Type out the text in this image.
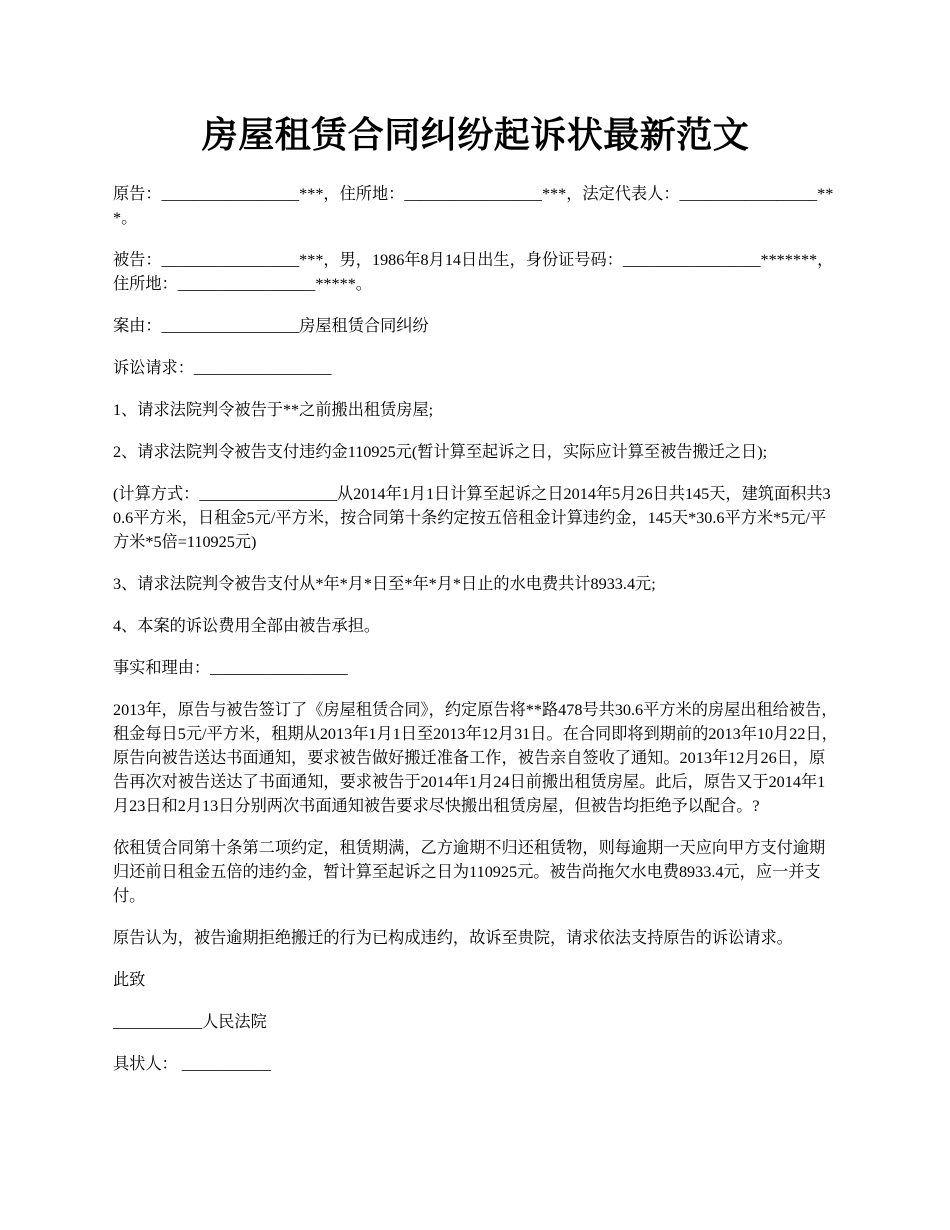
房屋租赁合同纠纷起诉状最新范文

原告：_________________***，住所地：_________________***，法定代表人：_________________***。

被告：_________________***，男，1986年8月14日出生，身份证号码：_________________*******，住所地：_________________*****。

案由：_________________房屋租赁合同纠纷

诉讼请求：_________________

1、请求法院判令被告于**之前搬出租赁房屋;

2、请求法院判令被告支付违约金110925元(暂计算至起诉之日，实际应计算至被告搬迁之日);

(计算方式：_________________从2014年1月1日计算至起诉之日2014年5月26日共145天，建筑面积共30.6平方米，日租金5元/平方米，按合同第十条约定按五倍租金计算违约金，145天*30.6平方米*5元/平方米*5倍=110925元)

3、请求法院判令被告支付从*年*月*日至*年*月*日止的水电费共计8933.4元;

4、本案的诉讼费用全部由被告承担。

事实和理由：_________________

2013年，原告与被告签订了《房屋租赁合同》，约定原告将**路478号共30.6平方米的房屋出租给被告，租金每日5元/平方米，租期从2013年1月1日至2013年12月31日。在合同即将到期前的2013年10月22日，原告向被告送达书面通知，要求被告做好搬迁准备工作，被告亲自签收了通知。2013年12月26日，原告再次对被告送达了书面通知，要求被告于2014年1月24日前搬出租赁房屋。此后，原告又于2014年1月23日和2月13日分别两次书面通知被告要求尽快搬出租赁房屋，但被告均拒绝予以配合。?

依租赁合同第十条第二项约定，租赁期满，乙方逾期不归还租赁物，则每逾期一天应向甲方支付逾期归还前日租金五倍的违约金，暂计算至起诉之日为110925元。被告尚拖欠水电费8933.4元，应一并支付。

原告认为，被告逾期拒绝搬迁的行为已构成违约，故诉至贵院，请求依法支持原告的诉讼请求。

此致

___________人民法院

具状人： ___________
